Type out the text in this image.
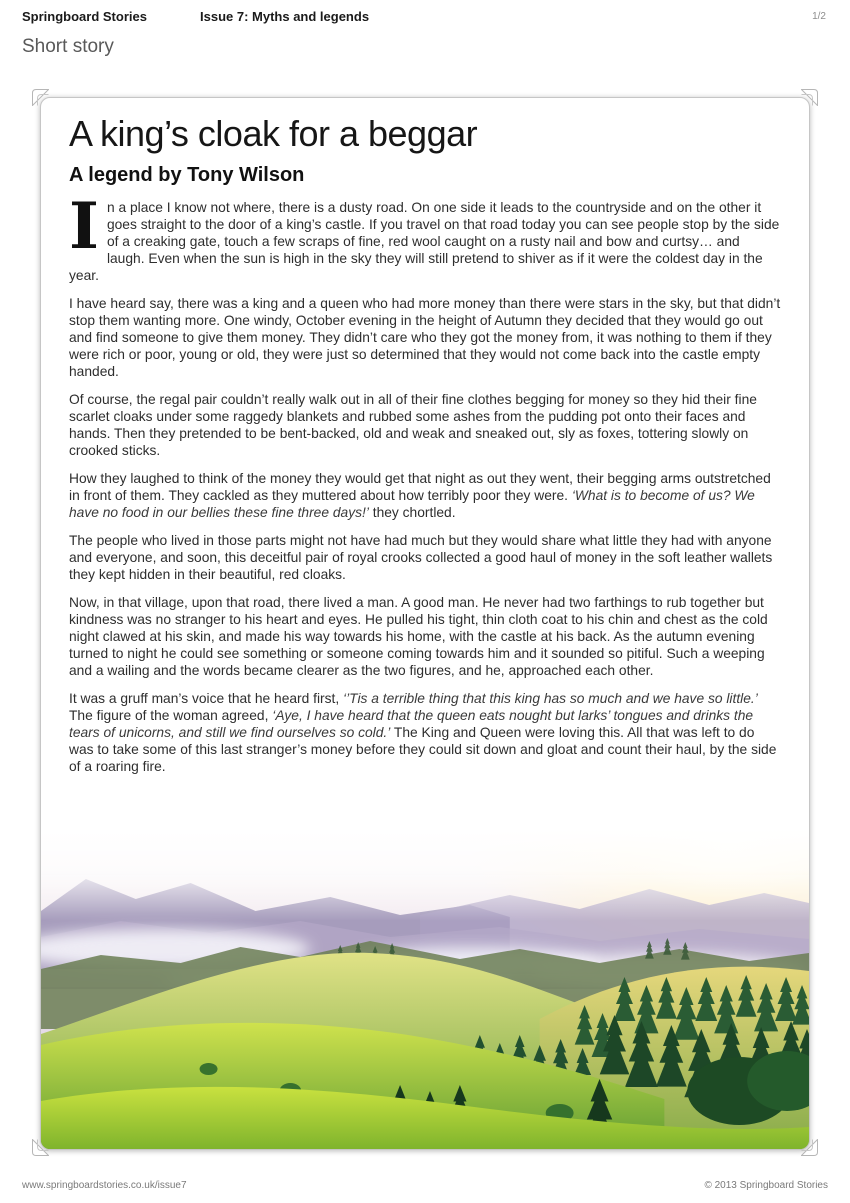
Springboard Stories	Issue 7: Myths and legends	1/2
Short story
A king’s cloak for a beggar
A legend by Tony Wilson

In a place I know not where, there is a dusty road. On one side it leads to the countryside and on the other it goes straight to the door of a king’s castle. If you travel on that road today you can see people stop by the side of a creaking gate, touch a few scraps of fine, red wool caught on a rusty nail and bow and curtsy… and laugh. Even when the sun is high in the sky they will still pretend to shiver as if it were the coldest day in the year.

I have heard say, there was a king and a queen who had more money than there were stars in the sky, but that didn’t stop them wanting more. One windy, October evening in the height of Autumn they decided that they would go out and find someone to give them money. They didn’t care who they got the money from, it was nothing to them if they were rich or poor, young or old, they were just so determined that they would not come back into the castle empty handed.

Of course, the regal pair couldn’t really walk out in all of their fine clothes begging for money so they hid their fine scarlet cloaks under some raggedy blankets and rubbed some ashes from the pudding pot onto their faces and hands. Then they pretended to be bent-backed, old and weak and sneaked out, sly as foxes, tottering slowly on crooked sticks.

How they laughed to think of the money they would get that night as out they went, their begging arms outstretched in front of them. They cackled as they muttered about how terribly poor they were. ‘What is to become of us? We have no food in our bellies these fine three days!’ they chortled.

The people who lived in those parts might not have had much but they would share what little they had with anyone and everyone, and soon, this deceitful pair of royal crooks collected a good haul of money in the soft leather wallets they kept hidden in their beautiful, red cloaks.

Now, in that village, upon that road, there lived a man. A good man. He never had two farthings to rub together but kindness was no stranger to his heart and eyes. He pulled his tight, thin cloth coat to his chin and chest as the cold night clawed at his skin, and made his way towards his home, with the castle at his back. As the autumn evening turned to night he could see something or someone coming towards him and it sounded so pitiful. Such a weeping and a wailing and the words became clearer as the two figures, and he, approached each other.

It was a gruff man’s voice that he heard first, ‘’Tis a terrible thing that this king has so much and we have so little.’ The figure of the woman agreed, ‘Aye, I have heard that the queen eats nought but larks’ tongues and drinks the tears of unicorns, and still we find ourselves so cold.’ The King and Queen were loving this. All that was left to do was to take some of this last stranger’s money before they could sit down and gloat and count their haul, by the side of a roaring fire.

www.springboardstories.co.uk/issue7	© 2013 Springboard Stories
